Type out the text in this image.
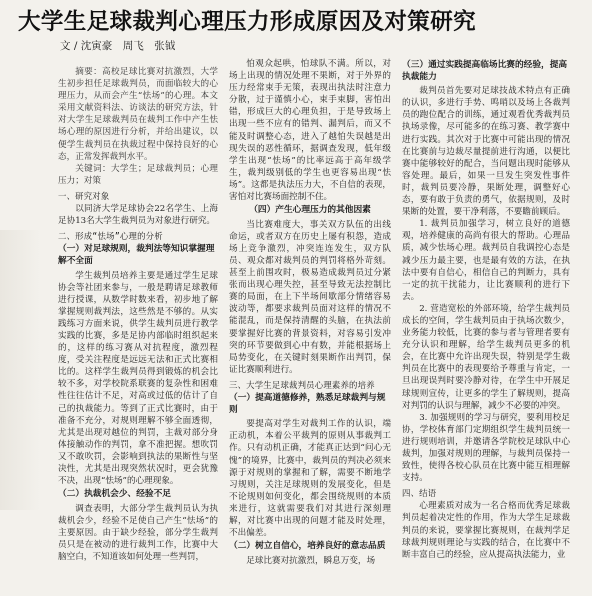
大学生足球裁判心理压力形成原因及对策研究
文 / 沈寅豪　周飞　张钺

摘要：高校足球比赛对抗激烈，大学生初步担任足球裁判员，而面临较大的心理压力，从而会产生“怯场”的心理。本文采用文献资料法、访谈法的研究方法，针对大学生足球裁判员在裁判工作中产生怯场心理的原因进行分析，并给出建议，以便学生裁判员在执裁过程中保持良好的心态，正常发挥裁判水平。

关键词：大学生；足球裁判员；心理压力；对策

一、研究对象

以同济大学足球协会22名学生、上海足协13名大学生裁判员为对象进行研究。

二、形成“怯场”心理的分析
（一）对足球规则，裁判法等知识掌握理解不全面

学生裁判员培养主要是通过学生足球协会等社团来参与，一般是聘请足球教师进行授课，从数学时数来看，初步地了解掌握规则裁判法，这些然是不够的。从实践练习方面来说，供学生裁判员进行教学实践的比赛，多是足协内部临时组织起来的，这样的练习赛从对抗程度，激烈程度，受关注程度是远远无法和正式比赛相比的。这样学生裁判员得到锻炼的机会比较不多，对学校院系联赛的复杂性和困难性往往估计不足，对高或过低的估计了自己的执裁能力。等到了正式比赛时，由于准备不充分，对规则理解不够全面透彻，尤其是出现对越位的判罚，主裁对部分身体接触动作的判罚，拿不准把握。想吹罚又不敢吹罚，会影响到执法的果断性与坚决性，尤其是出现突然状况时，更会犹豫不决，出现“怯场”的心理现象。

（二）执裁机会少、经验不足

调查表明，大部分学生裁判员认为执裁机会少，经验不足使自己产生“怯场”的主要原因。由于缺少经验，部分学生裁判员只是在被动的进行裁判工作，比赛中大脑空白，不知道该如何处理一些判罚，

怕观众起哄，怕球队不满。所以，对场上出现的情况处理不果断，对于外界的压力经常束手无策，表现出执法时注意力分散，过于谨慎小心，束手束脚，害怕出错，形成巨大的心理负担，于是导致场上出现一些不应有的错判、漏判后，而又不能及时调整心态，进入了越怕失误越是出现失误的恶性循环，据调查发现，低年级学生出现“怯场”的比率远高于高年级学生，裁判级别低的学生也更容易出现“怯场”。这都是执法压力大，不自信的表现，害怕对比赛场面控制不住。

（四）产生心理压力的其他因素

当比赛难度大，事关双方队伍的出线命运，或者双方在历史上屡有积怨，造成场上竞争激烈，冲突连连发生，双方队员、观众都对裁判员的判罚将格外苛刻。甚至上前围攻时，极易造成裁判员过分紧张而出现心理失控，甚至导致无法控制比赛的局面，在上下半场间歇部分情绪容易波动等，都要求裁判员面对这样的情况不能混乱，而是保持清醒的头脑，在执法前要掌握好比赛的背景资料，对容易引发冲突的环节要做到心中有数，并能根据场上局势变化，在关键时刻果断作出判罚，保证比赛顺利进行。

三、大学生足球裁判员心理素养的培养
（一）提高道德修养，熟悉足球裁判与规则

要提高对学生对裁判工作的认识，端正动机，本着公平裁判的原则从事裁判工作。只有动机正确，才能真正达到“问心无愧”的境界，比赛中，裁判员的判决必须来源于对规则的掌握和了解，需要不断地学习规则，关注足球规则的发展变化，但是不论规则如何变化，都会围绕规则的本质来进行，这就需要我们对其进行深刻理解，对比赛中出现的问题才能及时处理，不出偏差。

（二）树立自信心，培养良好的意志品质

足球比赛对抗激烈，瞬息万变，场

（三）通过实践提高临场比赛的经验，提高执裁能力

裁判员首先要对足球技战术特点有正确的认识，多进行手势、鸣哨以及场上各裁判员的跑位配合的训练，通过观看优秀裁判员执场录像，尽可能多的在练习赛、教学赛中进行实践。其次对于比赛中可能出现的情况在比赛前与边裁尽量提前进行沟通，以便比赛中能够较好的配合，当问题出现时能够从容处理。最后，如果一旦发生突发性事件时，裁判员要冷静，果断处理，调整好心态，要有敢于负责的勇气，依据规则，及时果断的处置，要干净利落，不要瞻前顾后。

1. 裁判员加强学习，树立良好的道德观，培养健康的高尚有很大的帮助。心理品质，减少怯场心理。裁判员自我调控心态是减少压力最主要，也是最有效的方法，在执法中要有自信心，相信自己的判断力，具有一定的抗干扰能力，让比赛顺利的进行下去。

2. 营造宽松的外部环境，给学生裁判员成长的空间，学生裁判员由于执场次数少，业务能力较低，比赛的参与者与管理者要有充分认识和理解，给学生裁判员更多的机会，在比赛中允许出现失误，特别是学生裁判员在比赛中的表现要给予尊重与肯定，一旦出现误判时要冷静对待，在学生中开展足球规则宣传，让更多的学生了解规则，提高对判罚的认识与理解，减少不必要的冲突。

3. 加强规则的学习与研究，要利用校足协，学校体育部门定期组织学生裁判员统一进行规则培训，并邀请各学院校足球队中心裁判，加强对规则的理解，与裁判员保持一致性，使得各校心队员在比赛中能互相理解支持。

四、结语

心理素质对成为一名合格而优秀足球裁判员起着决定性的作用，作为大学生足球裁判员的来说，要掌握比赛规则，在裁判学足球裁判规则理论与实践的结合，在比赛中不断丰富自己的经验，应从提高执法能力，业
